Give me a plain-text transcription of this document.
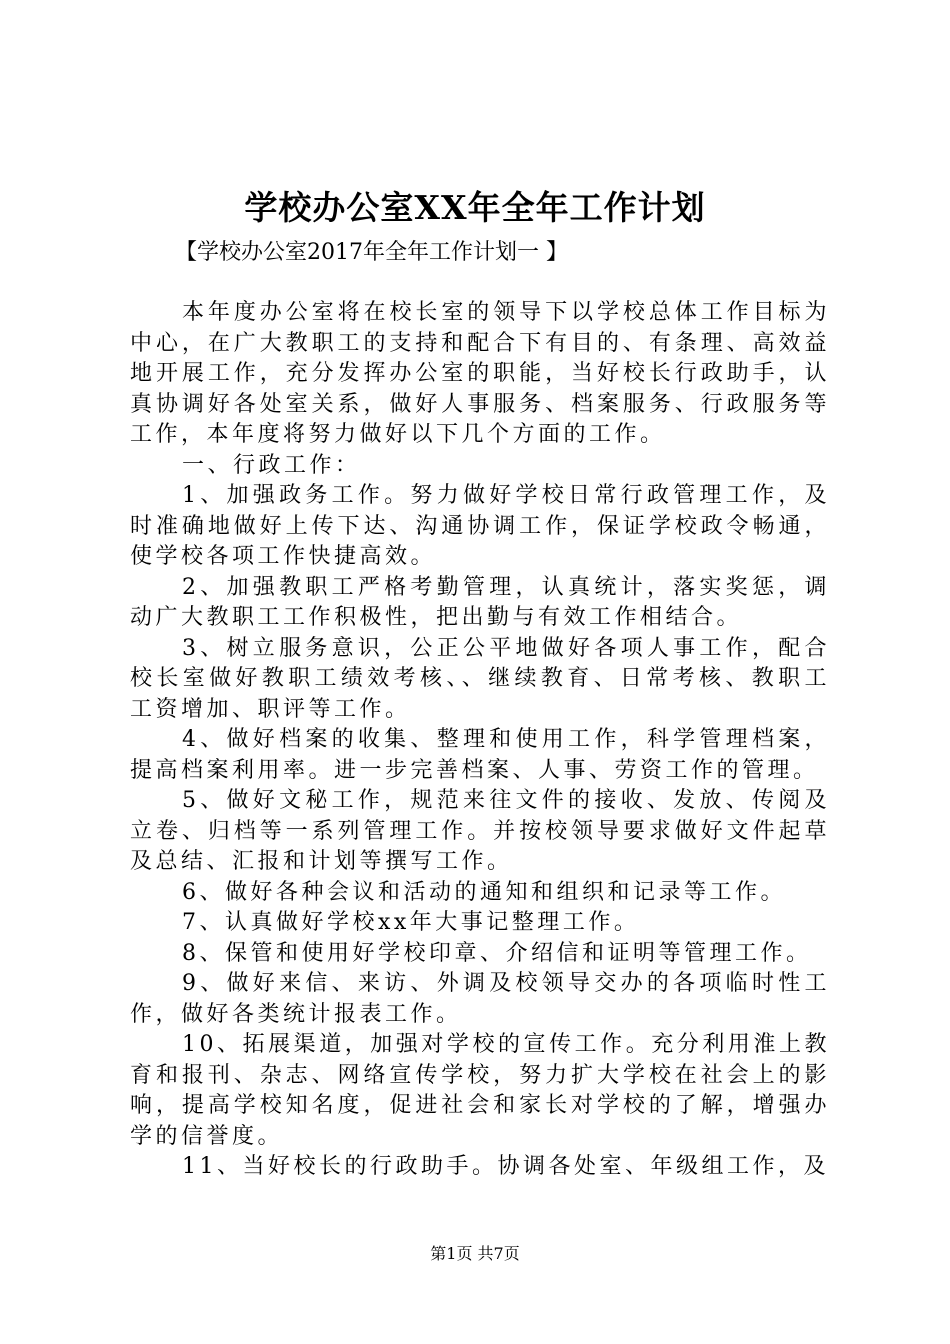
学校办公室XX年全年工作计划
【学校办公室2017年全年工作计划一 】

本年度办公室将在校长室的领导下以学校总体工作目标为中心，在广大教职工的支持和配合下有目的、有条理、高效益地开展工作，充分发挥办公室的职能，当好校长行政助手，认真协调好各处室关系，做好人事服务、档案服务、行政服务等工作，本年度将努力做好以下几个方面的工作。

一、行政工作：

1、加强政务工作。努力做好学校日常行政管理工作，及时准确地做好上传下达、沟通协调工作，保证学校政令畅通，使学校各项工作快捷高效。

2、加强教职工严格考勤管理，认真统计，落实奖惩，调动广大教职工工作积极性，把出勤与有效工作相结合。

3、树立服务意识，公正公平地做好各项人事工作，配合校长室做好教职工绩效考核、、继续教育、日常考核、教职工工资增加、职评等工作。

4、做好档案的收集、整理和使用工作，科学管理档案，提高档案利用率。进一步完善档案、人事、劳资工作的管理。

5、做好文秘工作，规范来往文件的接收、发放、传阅及立卷、归档等一系列管理工作。并按校领导要求做好文件起草及总结、汇报和计划等撰写工作。

6、做好各种会议和活动的通知和组织和记录等工作。

7、认真做好学校xx年大事记整理工作。

8、保管和使用好学校印章、介绍信和证明等管理工作。

9、做好来信、来访、外调及校领导交办的各项临时性工作，做好各类统计报表工作。

10、拓展渠道，加强对学校的宣传工作。充分利用淮上教育和报刊、杂志、网络宣传学校，努力扩大学校在社会上的影响，提高学校知名度，促进社会和家长对学校的了解，增强办学的信誉度。

11、当好校长的行政助手。协调各处室、年级组工作，及

第1页 共7页
